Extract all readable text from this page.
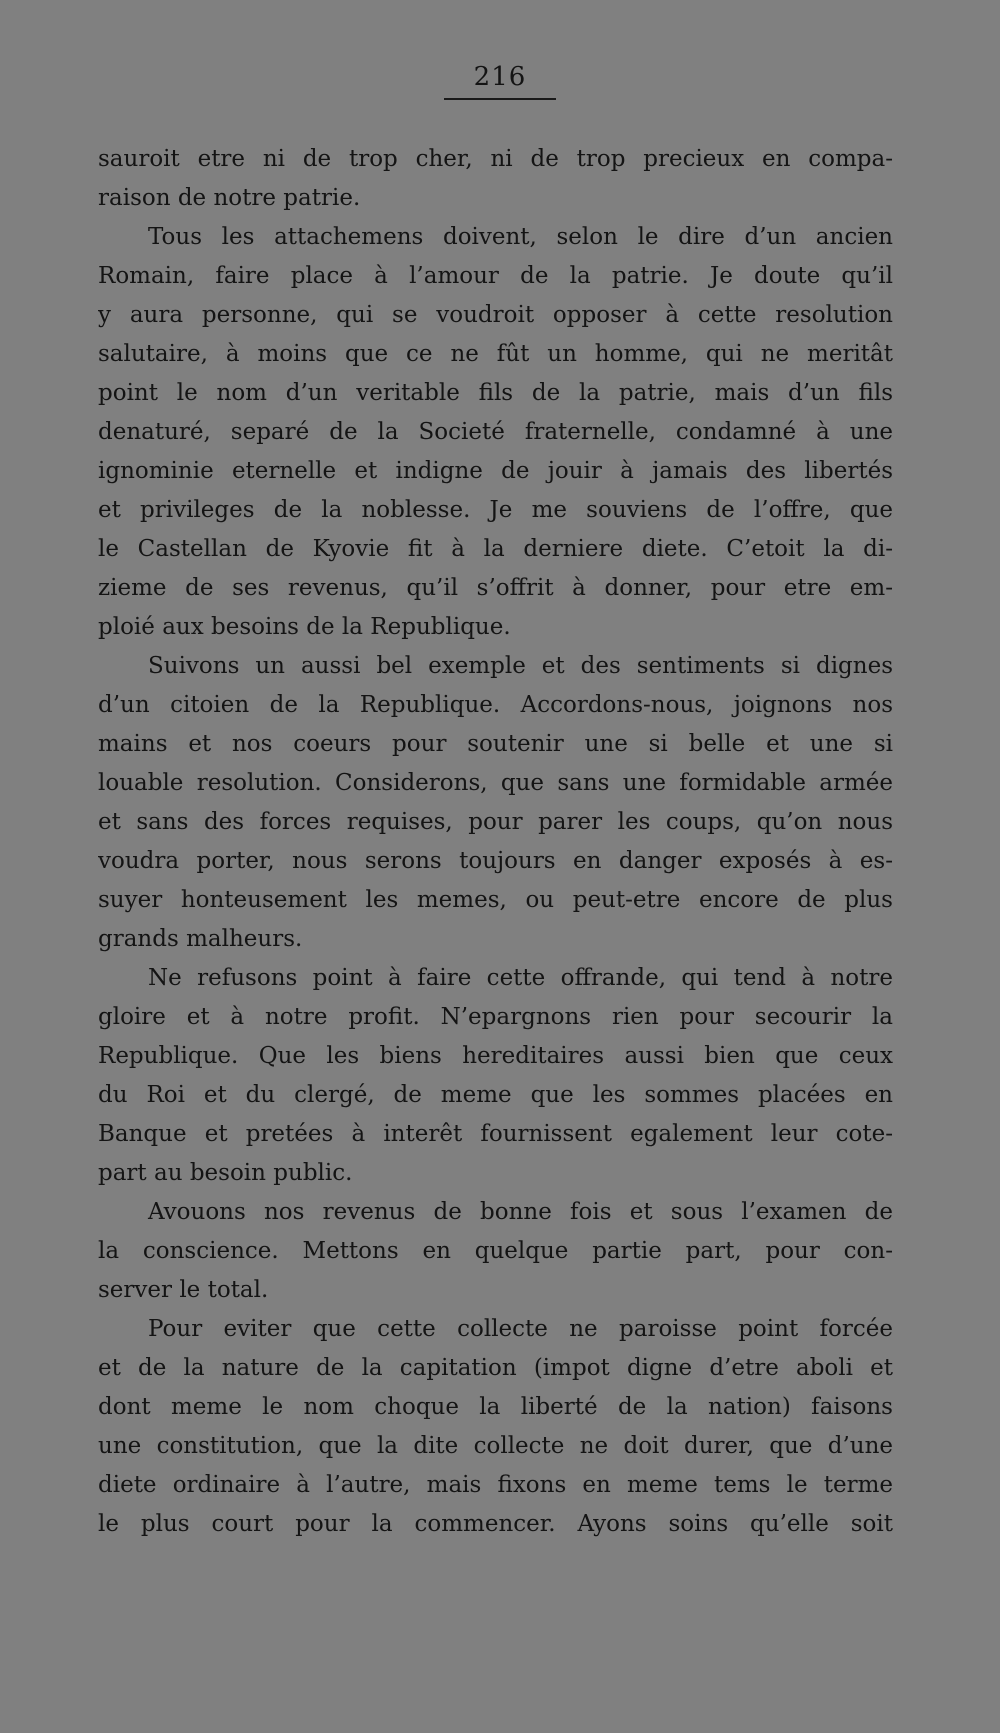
216

sauroit etre ni de trop cher, ni de trop precieux en compa-
raison de notre patrie.

Tous les attachemens doivent, selon le dire d’un ancien
Romain, faire place à l’amour de la patrie. Je doute qu’il
y aura personne, qui se voudroit opposer à cette resolution
salutaire, à moins que ce ne fût un homme, qui ne meritât
point le nom d’un veritable fils de la patrie, mais d’un fils
denaturé, separé de la Societé fraternelle, condamné à une
ignominie eternelle et indigne de jouir à jamais des libertés
et privileges de la noblesse. Je me souviens de l’offre, que
le Castellan de Kyovie fit à la derniere diete. C’etoit la di-
zieme de ses revenus, qu’il s’offrit à donner, pour etre em-
ploié aux besoins de la Republique.

Suivons un aussi bel exemple et des sentiments si dignes
d’un citoien de la Republique. Accordons-nous, joignons nos
mains et nos coeurs pour soutenir une si belle et une si
louable resolution. Considerons, que sans une formidable armée
et sans des forces requises, pour parer les coups, qu’on nous
voudra porter, nous serons toujours en danger exposés à es-
suyer honteusement les memes, ou peut-etre encore de plus
grands malheurs.

Ne refusons point à faire cette offrande, qui tend à notre
gloire et à notre profit. N’epargnons rien pour secourir la
Republique. Que les biens hereditaires aussi bien que ceux
du Roi et du clergé, de meme que les sommes placées en
Banque et pretées à interêt fournissent egalement leur cote-
part au besoin public.

Avouons nos revenus de bonne fois et sous l’examen de
la conscience. Mettons en quelque partie part, pour con-
server le total.

Pour eviter que cette collecte ne paroisse point forcée
et de la nature de la capitation (impot digne d’etre aboli et
dont meme le nom choque la liberté de la nation) faisons
une constitution, que la dite collecte ne doit durer, que d’une
diete ordinaire à l’autre, mais fixons en meme tems le terme
le plus court pour la commencer. Ayons soins qu’elle soit
